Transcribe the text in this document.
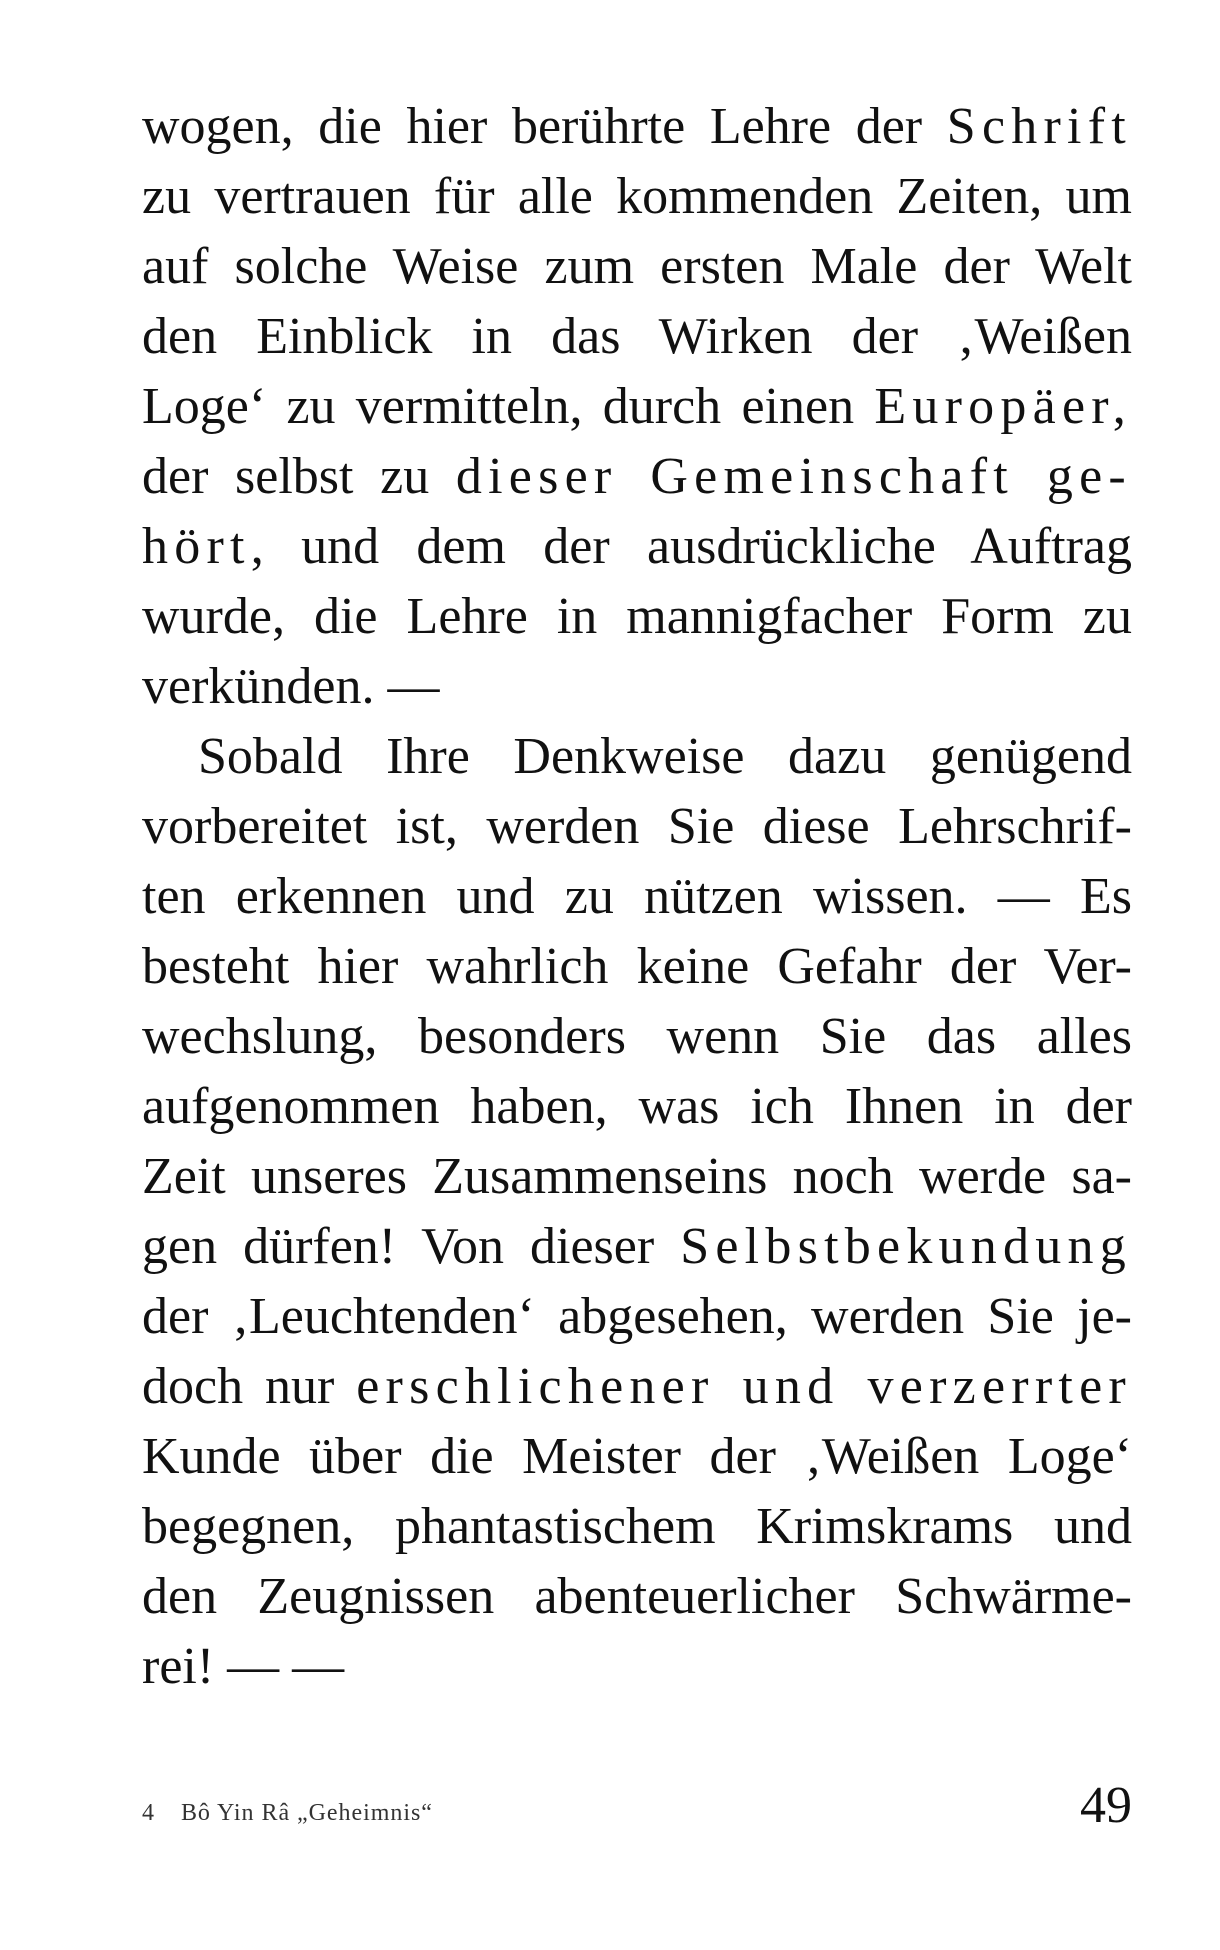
wogen, die hier berührte Lehre der Schrift
zu vertrauen für alle kommenden Zeiten, um
auf solche Weise zum ersten Male der Welt
den Einblick in das Wirken der ‚Weißen
Loge‘ zu vermitteln, durch einen Europäer,
der selbst zu dieser Gemeinschaft ge-
hört, und dem der ausdrückliche Auftrag
wurde, die Lehre in mannigfacher Form zu
verkünden. —
Sobald Ihre Denkweise dazu genügend
vorbereitet ist, werden Sie diese Lehrschrif-
ten erkennen und zu nützen wissen. — Es
besteht hier wahrlich keine Gefahr der Ver-
wechslung, besonders wenn Sie das alles
aufgenommen haben, was ich Ihnen in der
Zeit unseres Zusammenseins noch werde sa-
gen dürfen! Von dieser Selbstbekundung
der ‚Leuchtenden‘ abgesehen, werden Sie je-
doch nur erschlichener und verzerrter
Kunde über die Meister der ‚Weißen Loge‘
begegnen, phantastischem Krimskrams und
den Zeugnissen abenteuerlicher Schwärme-
rei! — —
4 Bô Yin Râ „Geheimnis“	49
